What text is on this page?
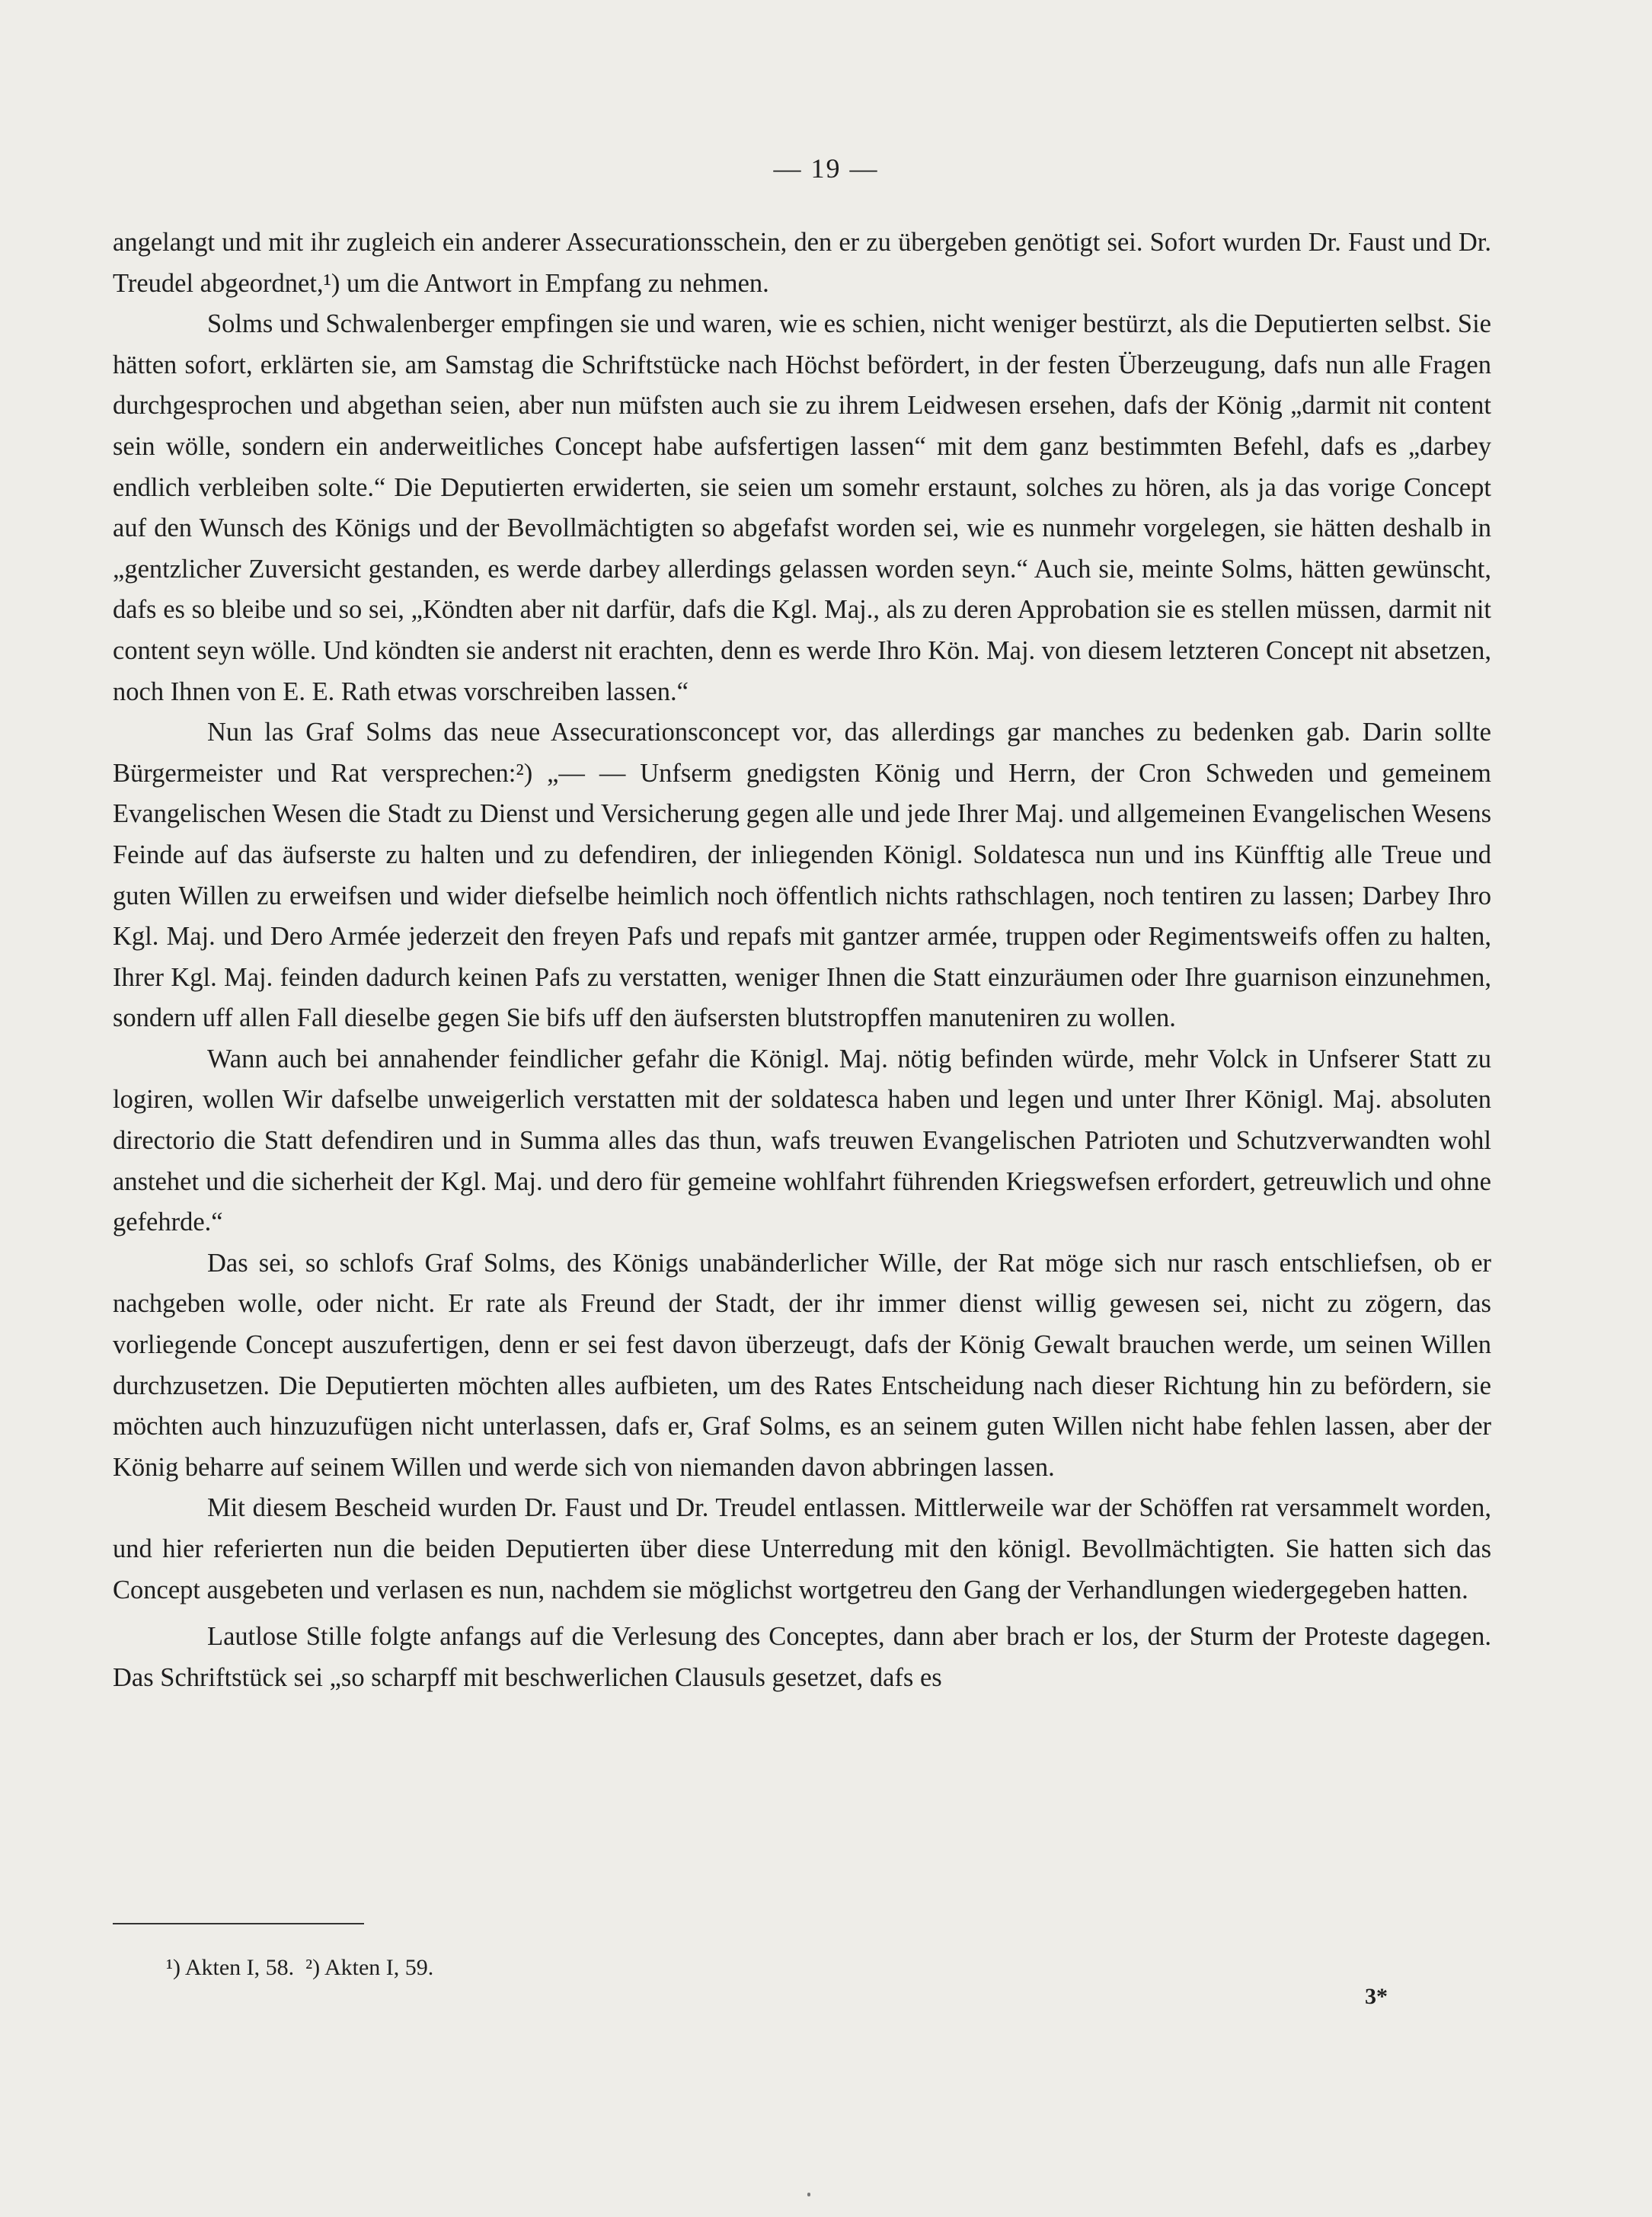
— 19 —

angelangt und mit ihr zugleich ein anderer Assecurationsschein, den er zu übergeben genötigt sei. Sofort wurden Dr. Faust und Dr. Treudel abgeordnet,¹) um die Antwort in Empfang zu nehmen.

Solms und Schwalenberger empfingen sie und waren, wie es schien, nicht weniger bestürzt, als die Deputierten selbst. Sie hätten sofort, erklärten sie, am Samstag die Schriftstücke nach Höchst befördert, in der festen Überzeugung, dafs nun alle Fragen durchgesprochen und abgethan seien, aber nun müfsten auch sie zu ihrem Leidwesen ersehen, dafs der König „darmit nit content sein wölle, sondern ein anderweitliches Concept habe aufsfertigen lassen“ mit dem ganz bestimmten Befehl, dafs es „darbey endlich verbleiben solte.“ Die Deputierten erwiderten, sie seien um somehr erstaunt, solches zu hören, als ja das vorige Concept auf den Wunsch des Königs und der Bevollmächtigten so abgefafst worden sei, wie es nunmehr vorgelegen, sie hätten deshalb in „gentzlicher Zuversicht gestanden, es werde darbey allerdings gelassen worden seyn.“ Auch sie, meinte Solms, hätten gewünscht, dafs es so bleibe und so sei, „Köndten aber nit darfür, dafs die Kgl. Maj., als zu deren Approbation sie es stellen müssen, darmit nit content seyn wölle. Und köndten sie anderst nit erachten, denn es werde Ihro Kön. Maj. von diesem letzteren Concept nit absetzen, noch Ihnen von E. E. Rath etwas vorschreiben lassen.“

Nun las Graf Solms das neue Assecurationsconcept vor, das allerdings gar manches zu bedenken gab. Darin sollte Bürgermeister und Rat versprechen:²) „— — Unfserm gnedigsten König und Herrn, der Cron Schweden und gemeinem Evangelischen Wesen die Stadt zu Dienst und Versicherung gegen alle und jede Ihrer Maj. und allgemeinen Evangelischen Wesens Feinde auf das äufserste zu halten und zu defendiren, der inliegenden Königl. Soldatesca nun und ins Künfftig alle Treue und guten Willen zu erweifsen und wider diefselbe heimlich noch öffentlich nichts rathschlagen, noch tentiren zu lassen; Darbey Ihro Kgl. Maj. und Dero Armée jederzeit den freyen Pafs und repafs mit gantzer armée, truppen oder Regimentsweifs offen zu halten, Ihrer Kgl. Maj. feinden dadurch keinen Pafs zu verstatten, weniger Ihnen die Statt einzuräumen oder Ihre guarnison einzunehmen, sondern uff allen Fall dieselbe gegen Sie bifs uff den äufsersten blutstropffen manuteniren zu wollen.

Wann auch bei annahender feindlicher gefahr die Königl. Maj. nötig befinden würde, mehr Volck in Unfserer Statt zu logiren, wollen Wir dafselbe unweigerlich verstatten mit der soldatesca haben und legen und unter Ihrer Königl. Maj. absoluten directorio die Statt defendiren und in Summa alles das thun, wafs treuwen Evangelischen Patrioten und Schutzverwandten wohl anstehet und die sicherheit der Kgl. Maj. und dero für gemeine wohlfahrt führenden Kriegswefsen erfordert, getreuwlich und ohne gefehrde.“

Das sei, so schlofs Graf Solms, des Königs unabänderlicher Wille, der Rat möge sich nur rasch entschliefsen, ob er nachgeben wolle, oder nicht. Er rate als Freund der Stadt, der ihr immer dienst willig gewesen sei, nicht zu zögern, das vorliegende Concept auszufertigen, denn er sei fest davon überzeugt, dafs der König Gewalt brauchen werde, um seinen Willen durchzusetzen. Die Deputierten möchten alles aufbieten, um des Rates Entscheidung nach dieser Richtung hin zu befördern, sie möchten auch hinzuzufügen nicht unterlassen, dafs er, Graf Solms, es an seinem guten Willen nicht habe fehlen lassen, aber der König beharre auf seinem Willen und werde sich von niemanden davon abbringen lassen.

Mit diesem Bescheid wurden Dr. Faust und Dr. Treudel entlassen. Mittlerweile war der Schöffen rat versammelt worden, und hier referierten nun die beiden Deputierten über diese Unterredung mit den königl. Bevollmächtigten. Sie hatten sich das Concept ausgebeten und verlasen es nun, nachdem sie möglichst wortgetreu den Gang der Verhandlungen wiedergegeben hatten.

Lautlose Stille folgte anfangs auf die Verlesung des Conceptes, dann aber brach er los, der Sturm der Proteste dagegen. Das Schriftstück sei „so scharpff mit beschwerlichen Clausuls gesetzet, dafs es

¹) Akten I, 58.  ²) Akten I, 59.
3*
